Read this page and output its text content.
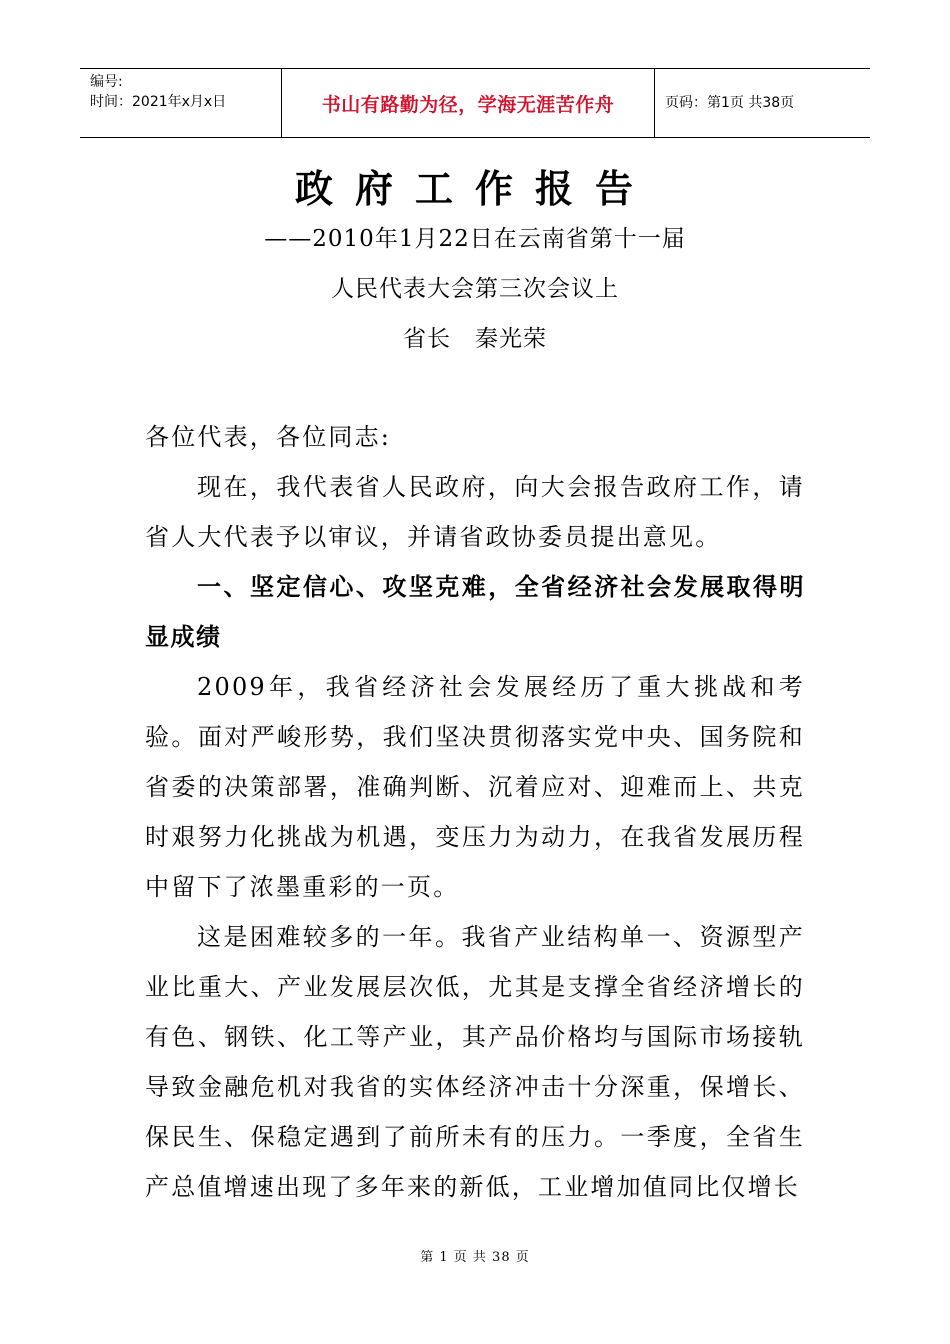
编号:
时间：2021年x月x日	书山有路勤为径，学海无涯苦作舟	页码：第1页 共38页
政府工作报告
——2010年1月22日在云南省第十一届
人民代表大会第三次会议上
省长　秦光荣

各位代表，各位同志:

现在，我代表省人民政府，向大会报告政府工作，请省人大代表予以审议，并请省政协委员提出意见。

一、坚定信心、攻坚克难，全省经济社会发展取得明显成绩

2009年，我省经济社会发展经历了重大挑战和考验。面对严峻形势，我们坚决贯彻落实党中央、国务院和省委的决策部署，准确判断、沉着应对、迎难而上、共克时艰努力化挑战为机遇，变压力为动力，在我省发展历程中留下了浓墨重彩的一页。

这是困难较多的一年。我省产业结构单一、资源型产业比重大、产业发展层次低，尤其是支撑全省经济增长的有色、钢铁、化工等产业，其产品价格均与国际市场接轨导致金融危机对我省的实体经济冲击十分深重，保增长、保民生、保稳定遇到了前所未有的压力。一季度，全省生产总值增速出现了多年来的新低，工业增加值同比仅增长

第 1 页 共 38 页
